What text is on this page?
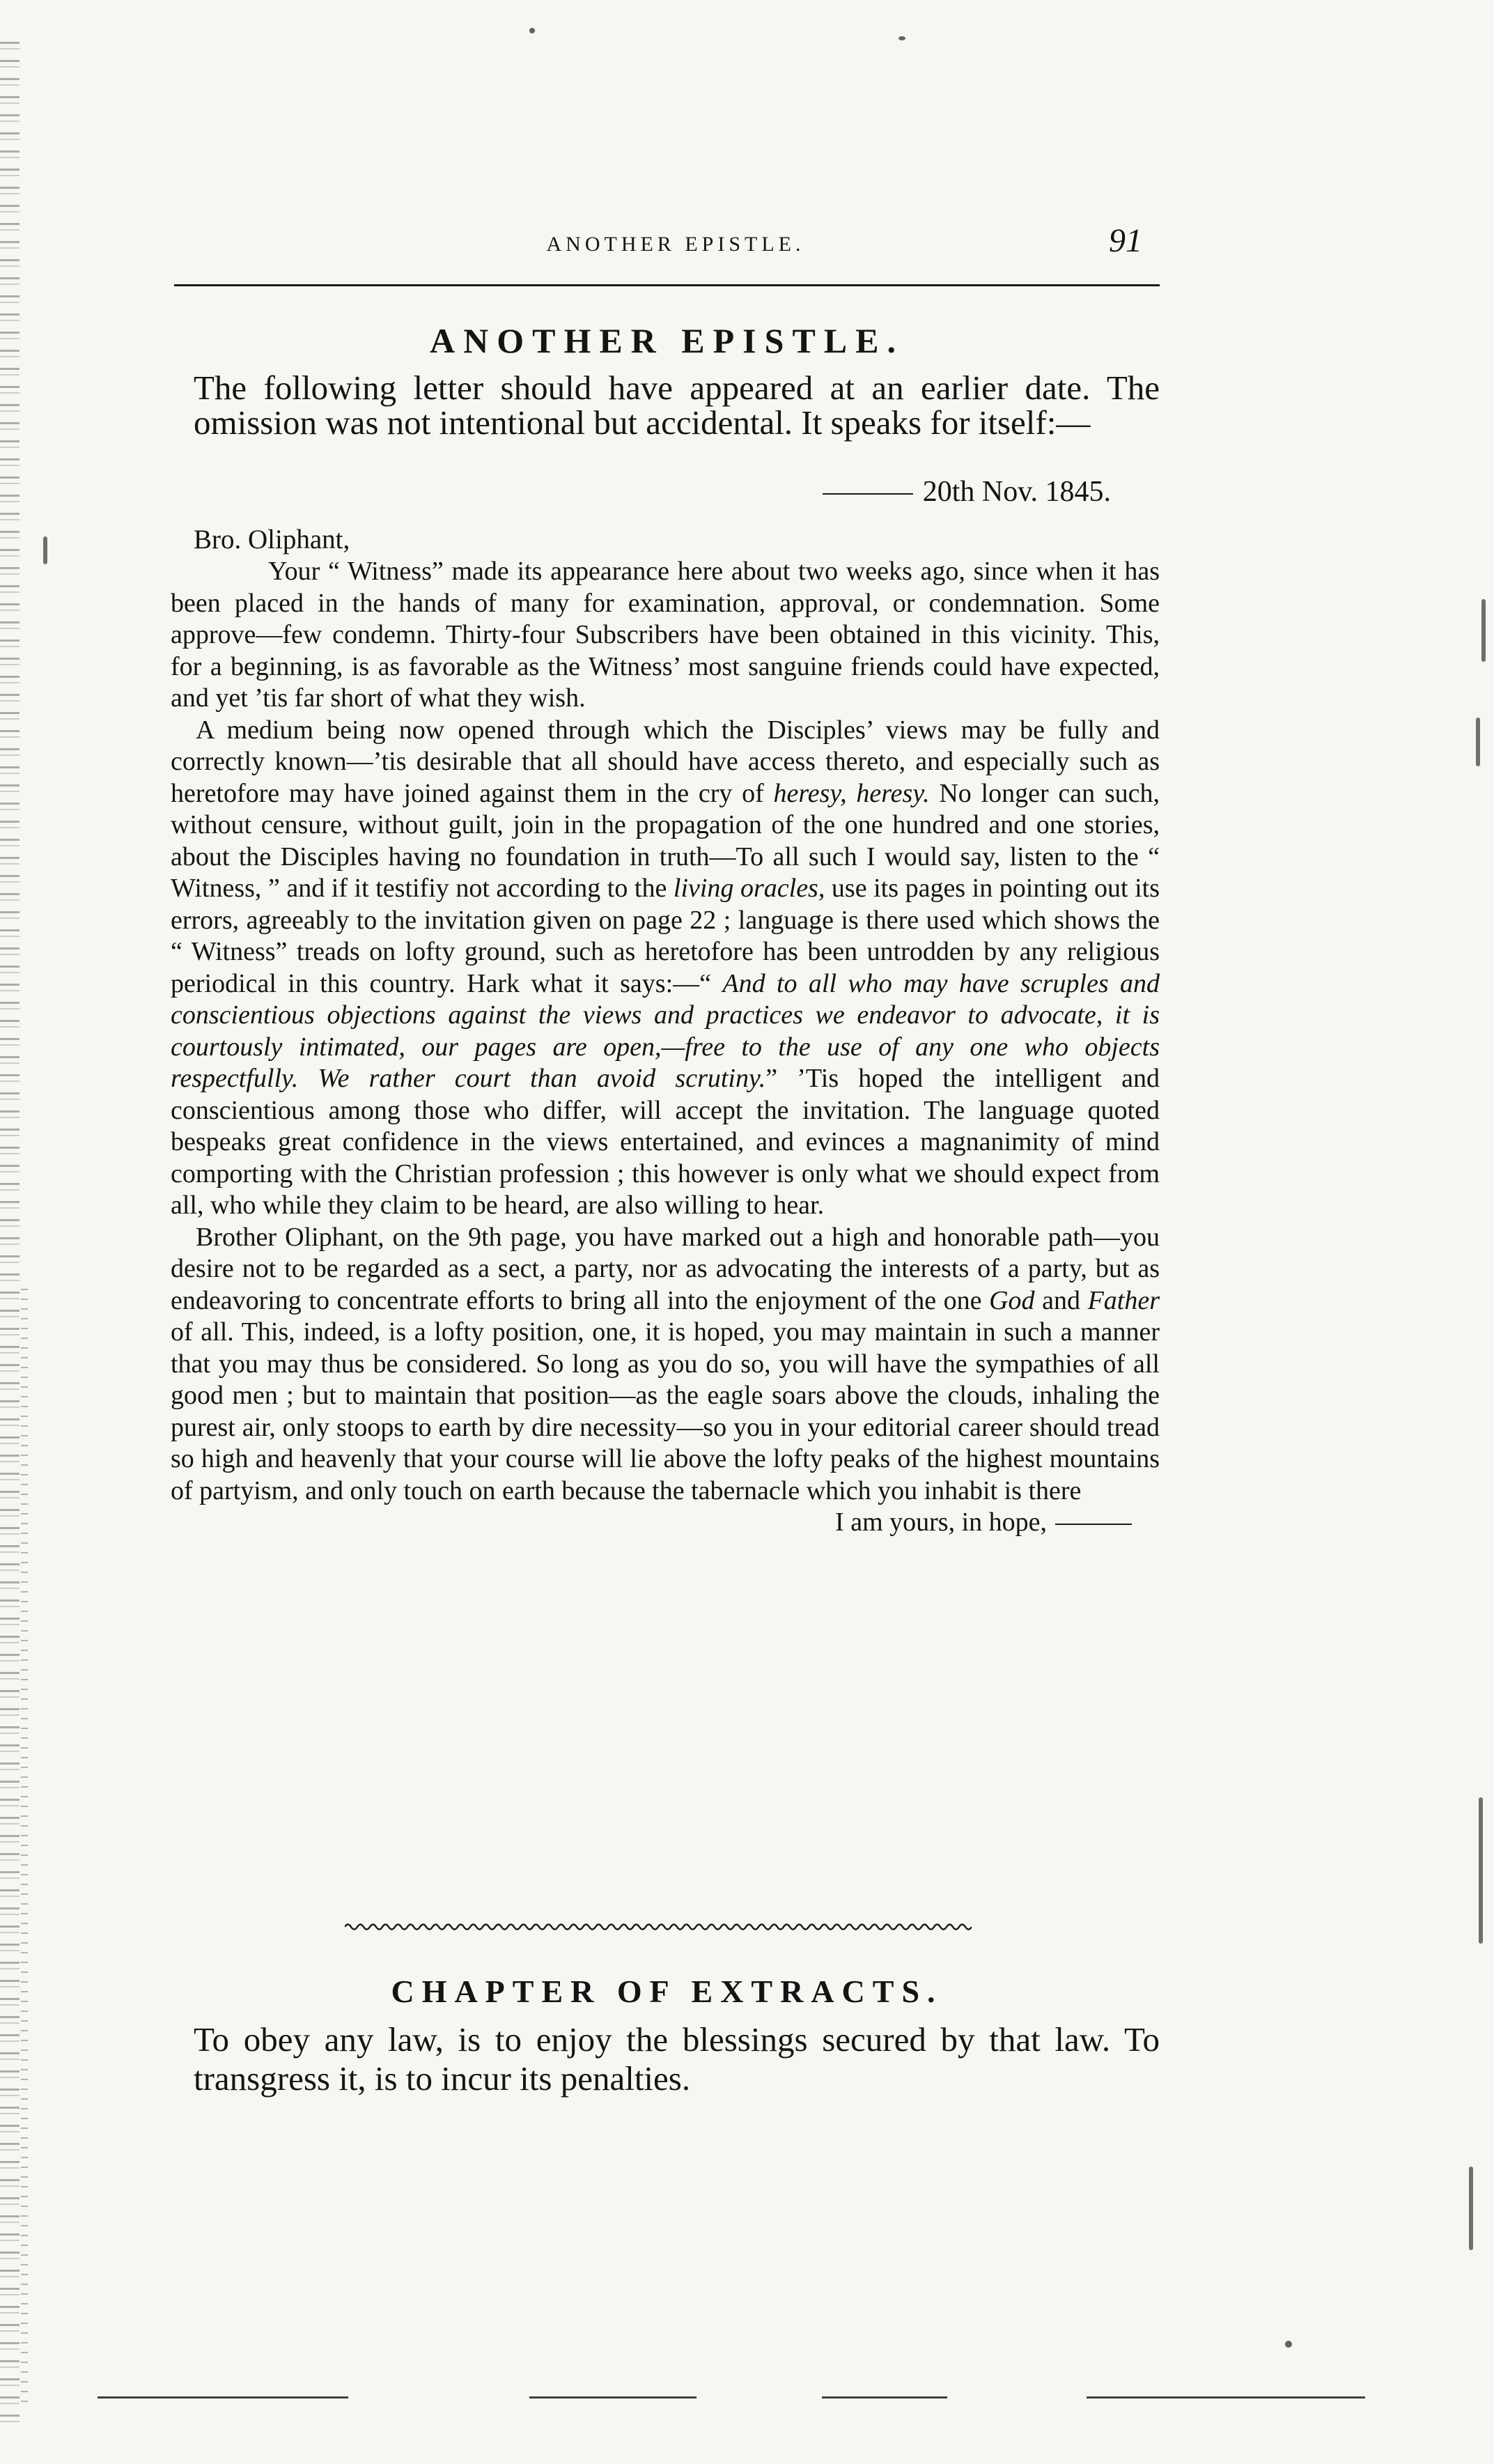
ANOTHER EPISTLE.	91
ANOTHER EPISTLE.

The following letter should have appeared at an earlier date. The omission was not intentional but accidental. It speaks for itself:—

20th Nov. 1845.
Bro. Oliphant,

Your “ Witness” made its appearance here about two weeks ago, since when it has been placed in the hands of many for examination, approval, or condemnation. Some approve—few condemn. Thirty-four Subscribers have been obtained in this vicinity. This, for a beginning, is as favorable as the Witness’ most sanguine friends could have expected, and yet ’tis far short of what they wish.

A medium being now opened through which the Disciples’ views may be fully and correctly known—’tis desirable that all should have access thereto, and especially such as heretofore may have joined against them in the cry of heresy, heresy. No longer can such, without censure, without guilt, join in the propagation of the one hundred and one stories, about the Disciples having no foundation in truth—To all such I would say, listen to the “ Witness, ” and if it testifiy not according to the living oracles, use its pages in pointing out its errors, agreeably to the invitation given on page 22 ; language is there used which shows the “ Witness” treads on lofty ground, such as heretofore has been untrodden by any religious periodical in this country. Hark what it says:—“ And to all who may have scruples and conscientious objections against the views and practices we endeavor to advocate, it is courtously intimated, our pages are open,—free to the use of any one who objects respectfully. We rather court than avoid scrutiny.” ’Tis hoped the intelligent and conscientious among those who differ, will accept the invitation. The language quoted bespeaks great confidence in the views entertained, and evinces a magnanimity of mind comporting with the Christian profession ; this however is only what we should expect from all, who while they claim to be heard, are also willing to hear.

Brother Oliphant, on the 9th page, you have marked out a high and honorable path—you desire not to be regarded as a sect, a party, nor as advocating the interests of a party, but as endeavoring to concentrate efforts to bring all into the enjoyment of the one God and Father of all. This, indeed, is a lofty position, one, it is hoped, you may maintain in such a manner that you may thus be considered. So long as you do so, you will have the sympathies of all good men ; but to maintain that position—as the eagle soars above the clouds, inhaling the purest air, only stoops to earth by dire necessity—so you in your editorial career should tread so high and heavenly that your course will lie above the lofty peaks of the highest mountains of partyism, and only touch on earth because the tabernacle which you inhabit is there
I am yours, in hope,

CHAPTER OF EXTRACTS.
To obey any law, is to enjoy the blessings secured by that law. To transgress it, is to incur its penalties.
